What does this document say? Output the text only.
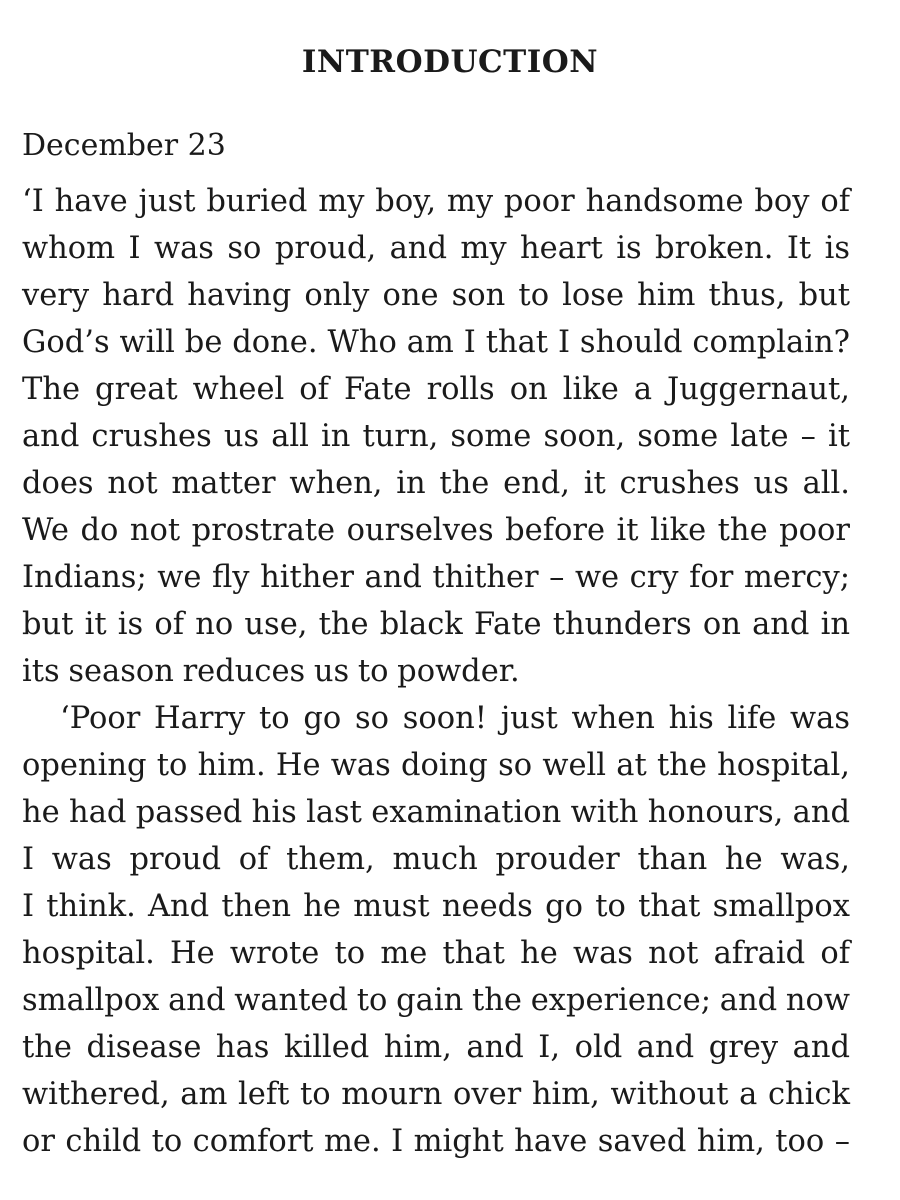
INTRODUCTION

December 23

‘I have just buried my boy, my poor handsome boy of
whom I was so proud, and my heart is broken. It is
very hard having only one son to lose him thus, but
God’s will be done. Who am I that I should complain?
The great wheel of Fate rolls on like a Juggernaut,
and crushes us all in turn, some soon, some late – it
does not matter when, in the end, it crushes us all.
We do not prostrate ourselves before it like the poor
Indians; we fly hither and thither – we cry for mercy;
but it is of no use, the black Fate thunders on and in
its season reduces us to powder.
‘Poor Harry to go so soon! just when his life was
opening to him. He was doing so well at the hospital,
he had passed his last examination with honours, and
I was proud of them, much prouder than he was,
I think. And then he must needs go to that smallpox
hospital. He wrote to me that he was not afraid of
smallpox and wanted to gain the experience; and now
the disease has killed him, and I, old and grey and
withered, am left to mourn over him, without a chick
or child to comfort me. I might have saved him, too –
